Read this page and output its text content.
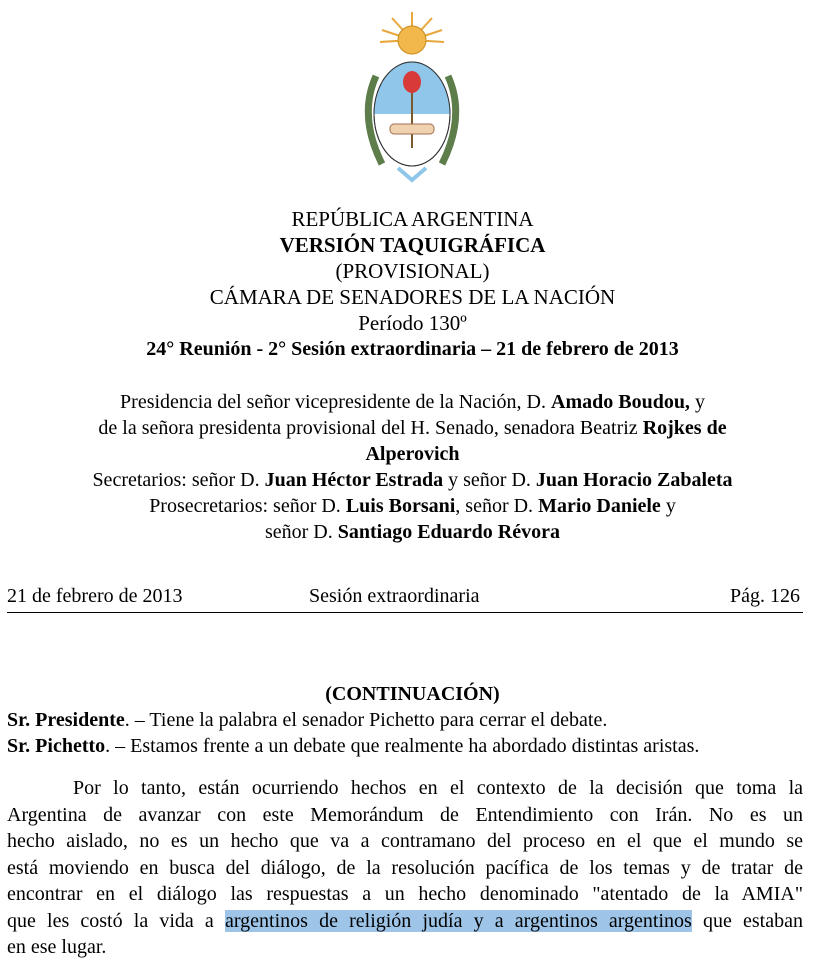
REPÚBLICA ARGENTINA
VERSIÓN TAQUIGRÁFICA
(PROVISIONAL)
CÁMARA DE SENADORES DE LA NACIÓN
Período 130º
24° Reunión - 2° Sesión extraordinaria – 21 de febrero de 2013
Presidencia del señor vicepresidente de la Nación, D. Amado Boudou, y
de la señora presidenta provisional del H. Senado, senadora Beatriz Rojkes de
Alperovich
Secretarios: señor D. Juan Héctor Estrada y señor D. Juan Horacio Zabaleta
Prosecretarios: señor D. Luis Borsani, señor D. Mario Daniele y
señor D. Santiago Eduardo Révora
21 de febrero de 2013	Sesión extraordinaria	Pág. 126
(CONTINUACIÓN)
Sr. Presidente. – Tiene la palabra el senador Pichetto para cerrar el debate.
Sr. Pichetto. – Estamos frente a un debate que realmente ha abordado distintas aristas.
Por lo tanto, están ocurriendo hechos en el contexto de la decisión que toma la
Argentina de avanzar con este Memorándum de Entendimiento con Irán. No es un
hecho aislado, no es un hecho que va a contramano del proceso en el que el mundo se
está moviendo en busca del diálogo, de la resolución pacífica de los temas y de tratar de
encontrar en el diálogo las respuestas a un hecho denominado "atentado de la AMIA"
que les costó la vida a argentinos de religión judía y a argentinos argentinos que estaban
en ese lugar.
